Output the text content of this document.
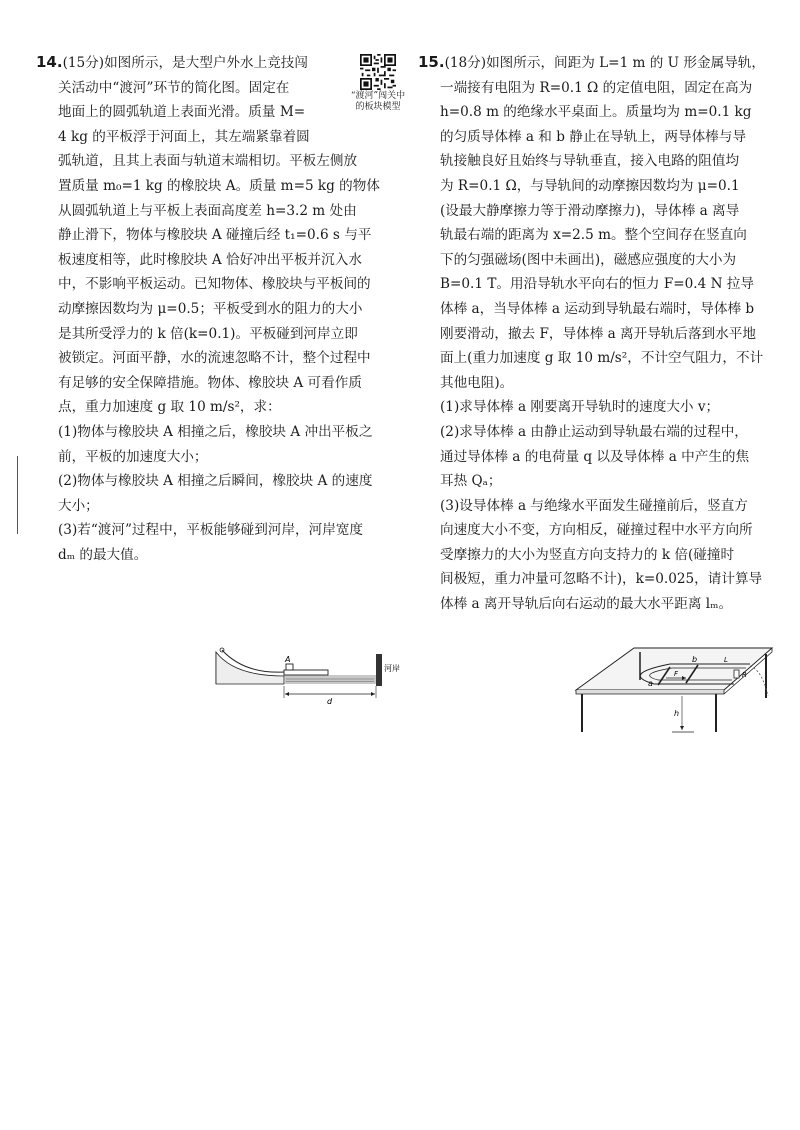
“渡河”闯关中的板块模型

14.(15分)如图所示，是大型户外水上竞技闯

关活动中“渡河”环节的简化图。固定在

地面上的圆弧轨道上表面光滑。质量 M=

4 kg 的平板浮于河面上，其左端紧靠着圆

弧轨道，且其上表面与轨道末端相切。平板左侧放

置质量 m₀=1 kg 的橡胶块 A。质量 m=5 kg 的物体

从圆弧轨道上与平板上表面高度差 h=3.2 m 处由

静止滑下，物体与橡胶块 A 碰撞后经 t₁=0.6 s 与平

板速度相等，此时橡胶块 A 恰好冲出平板并沉入水

中，不影响平板运动。已知物体、橡胶块与平板间的

动摩擦因数均为 μ=0.5；平板受到水的阻力的大小

是其所受浮力的 k 倍(k=0.1)。平板碰到河岸立即

被锁定。河面平静，水的流速忽略不计，整个过程中

有足够的安全保障措施。物体、橡胶块 A 可看作质

点，重力加速度 g 取 10 m/s²，求：

(1)物体与橡胶块 A 相撞之后，橡胶块 A 冲出平板之

前，平板的加速度大小；

(2)物体与橡胶块 A 相撞之后瞬间，橡胶块 A 的速度

大小；

(3)若“渡河”过程中，平板能够碰到河岸，河岸宽度

dₘ 的最大值。

A
河岸
d

15.(18分)如图所示，间距为 L=1 m 的 U 形金属导轨，

一端接有电阻为 R=0.1 Ω 的定值电阻，固定在高为

h=0.8 m 的绝缘水平桌面上。质量均为 m=0.1 kg

的匀质导体棒 a 和 b 静止在导轨上，两导体棒与导

轨接触良好且始终与导轨垂直，接入电路的阻值均

为 R=0.1 Ω，与导轨间的动摩擦因数均为 μ=0.1

(设最大静摩擦力等于滑动摩擦力)，导体棒 a 离导

轨最右端的距离为 x=2.5 m。整个空间存在竖直向

下的匀强磁场(图中未画出)，磁感应强度的大小为

B=0.1 T。用沿导轨水平向右的恒力 F=0.4 N 拉导

体棒 a，当导体棒 a 运动到导轨最右端时，导体棒 b

刚要滑动，撤去 F，导体棒 a 离开导轨后落到水平地

面上(重力加速度 g 取 10 m/s²，不计空气阻力，不计

其他电阻)。

(1)求导体棒 a 刚要离开导轨时的速度大小 v；

(2)求导体棒 a 由静止运动到导轨最右端的过程中，

通过导体棒 a 的电荷量 q 以及导体棒 a 中产生的焦

耳热 Qₐ；

(3)设导体棒 a 与绝缘水平面发生碰撞前后，竖直方

向速度大小不变，方向相反，碰撞过程中水平方向所

受摩擦力的大小为竖直方向支持力的 k 倍(碰撞时

间极短，重力冲量可忽略不计)，k=0.025，请计算导

体棒 a 离开导轨后向右运动的最大水平距离 lₘ。

b
a
F
L
R
h
